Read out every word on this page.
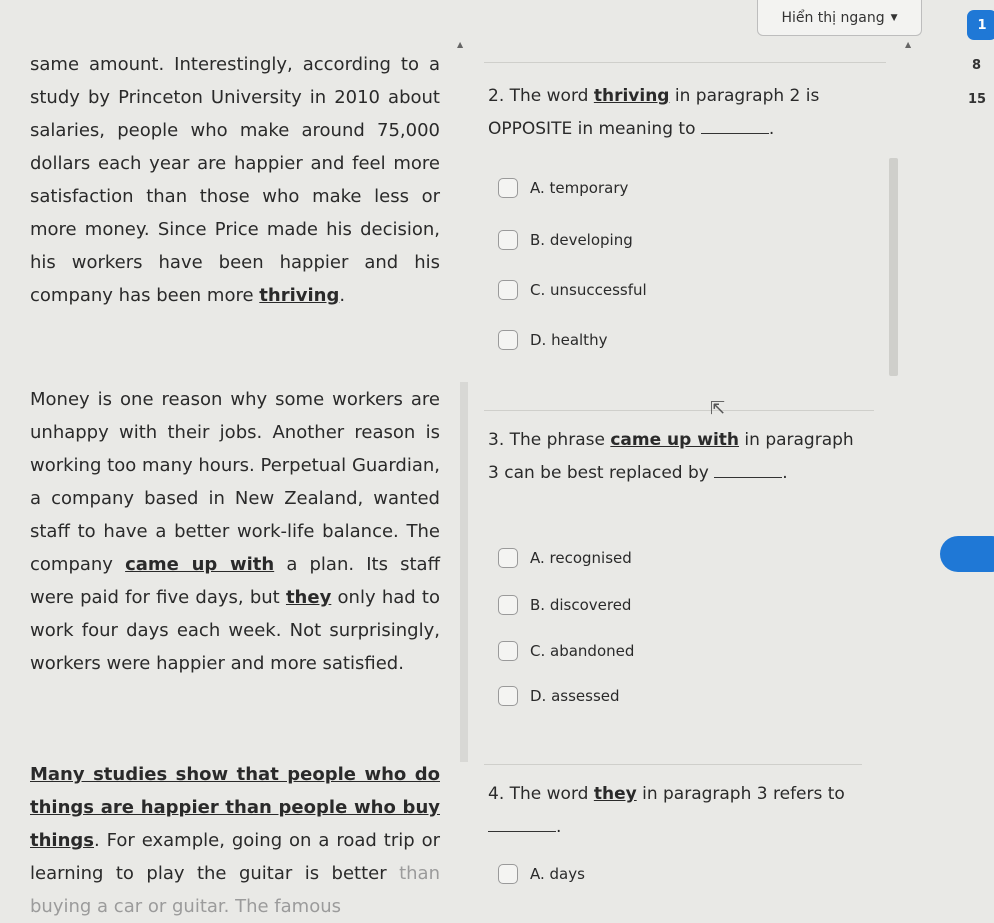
Hiển thị ngang ▼	1
8
15
▲	▲

same amount. Interestingly, according to a study by Princeton University in 2010 about salaries, people who make around 75,000 dollars each year are happier and feel more satisfaction than those who make less or more money. Since Price made his decision, his workers have been happier and his company has been more thriving.

Money is one reason why some workers are unhappy with their jobs. Another reason is working too many hours. Perpetual Guardian, a company based in New Zealand, wanted staff to have a better work-life balance. The company came up with a plan. Its staff were paid for five days, but they only had to work four days each week. Not surprisingly, workers were happier and more satisfied.

Many studies show that people who do things are happier than people who buy things. For example, going on a road trip or learning to play the guitar is better than buying a car or guitar. The famous

⇱

2. The word thriving in paragraph 2 is OPPOSITE in meaning to	.

A. temporary
B. developing
C. unsuccessful
D. healthy

3. The phrase came up with in paragraph 3 can be best replaced by	.

A. recognised
B. discovered
C. abandoned
D. assessed

4. The word they in paragraph 3 refers to .

A. days
